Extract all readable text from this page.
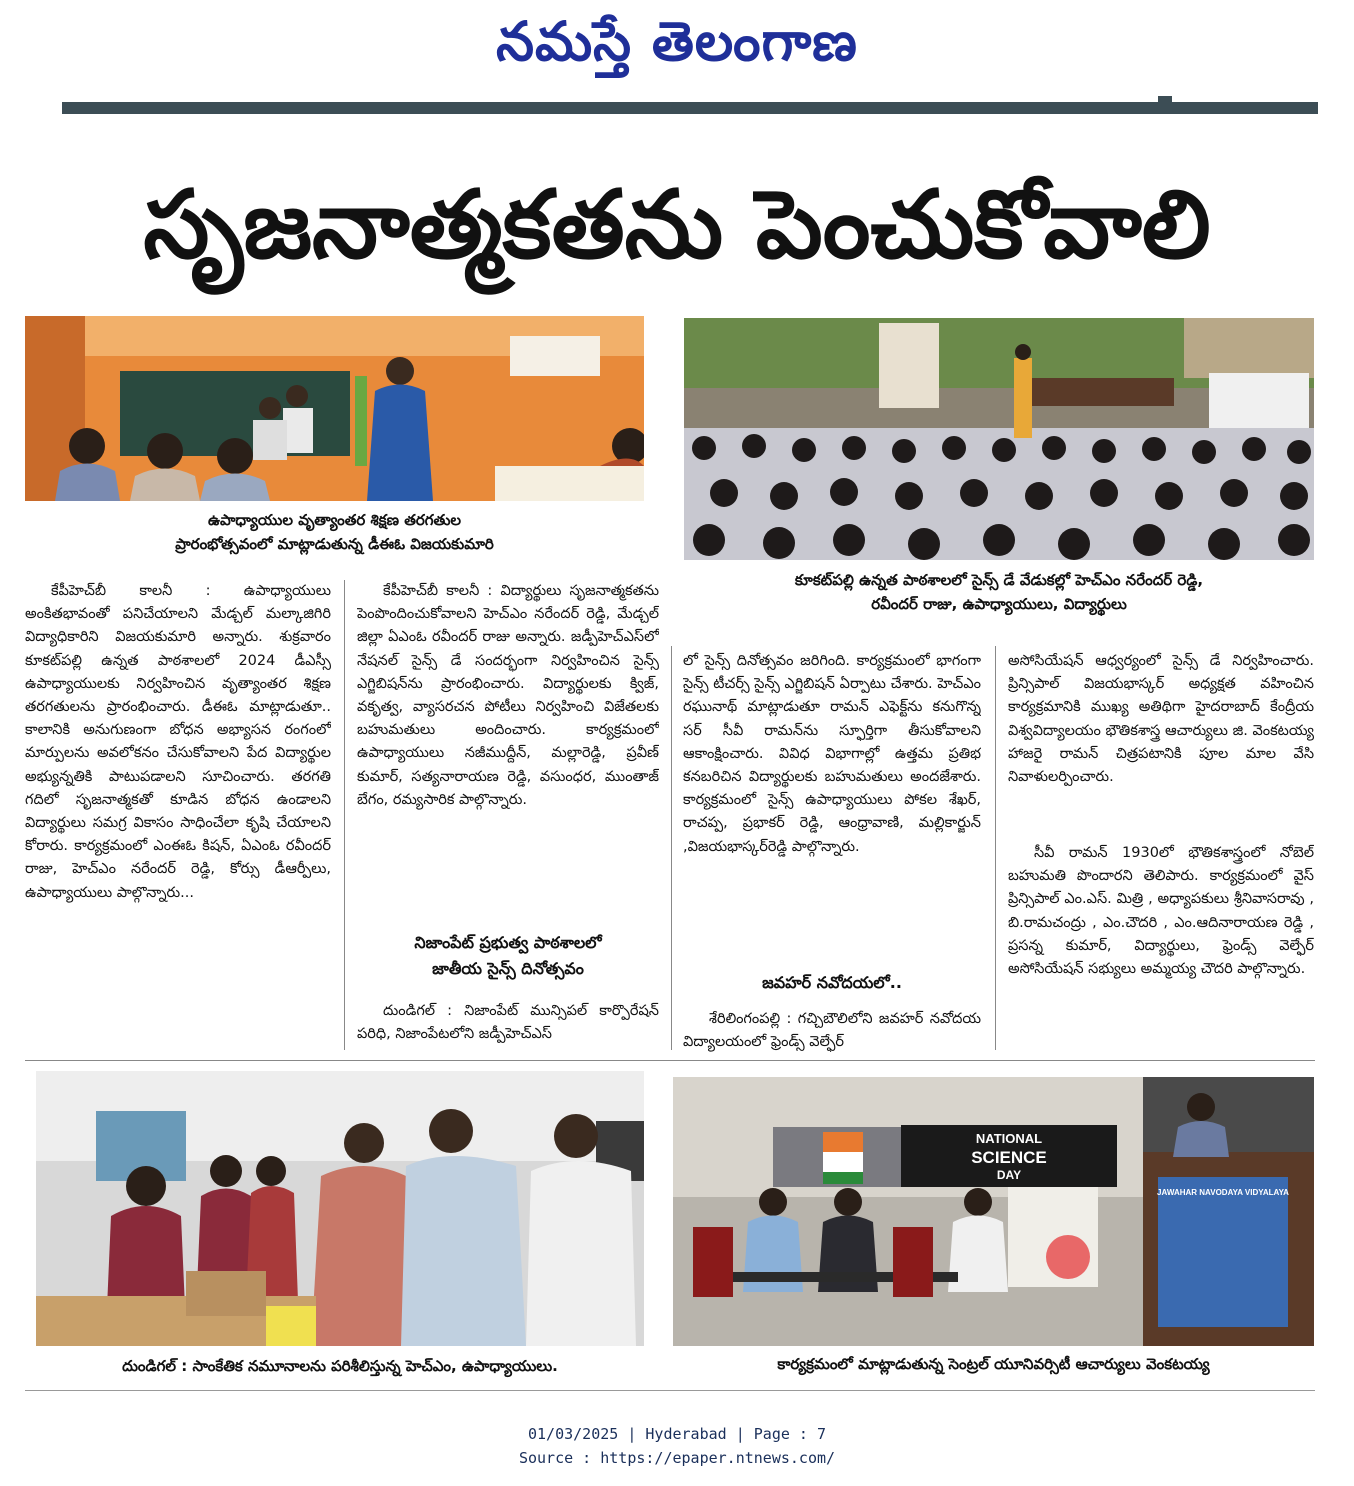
నమస్తే తెలంగాణ
సృజనాత్మకతను పెంచుకోవాలి
ఉపాధ్యాయుల వృత్యాంతర శిక్షణ తరగతుల
ప్రారంభోత్సవంలో మాట్లాడుతున్న డీఈఓ విజయకుమారి
కూకట్‌పల్లి ఉన్నత పాఠశాలలో సైన్స్ డే వేడుకల్లో హెచ్‌ఎం నరేందర్ రెడ్డి,
రవీందర్ రాజు, ఉపాధ్యాయులు, విద్యార్థులు

కేపీహెచ్‌బీ కాలనీ : ఉపాధ్యాయులు అంకితభావంతో పనిచేయాలని మేడ్చల్ మల్కాజిగిరి విద్యాధికారిని విజయకుమారి అన్నారు. శుక్రవారం కూకట్‌పల్లి ఉన్నత పాఠశాలలో 2024 డీఎస్సీ ఉపాధ్యాయులకు నిర్వహించిన వృత్యాంతర శిక్షణ తరగతులను ప్రారంభించారు. డీఈఓ మాట్లాడుతూ.. కాలానికి అనుగుణంగా బోధన అభ్యాసన రంగంలో మార్పులను అవలోకనం చేసుకోవాలని పేద విద్యార్థుల అభ్యున్నతికి పాటుపడాలని సూచించారు. తరగతి గదిలో సృజనాత్మకతో కూడిన బోధన ఉండాలని విద్యార్థులు సమగ్ర వికాసం సాధించేలా కృషి చేయాలని కోరారు. కార్యక్రమంలో ఎంఈఓ కిషన్, ఏఎంఓ రవీందర్ రాజు, హెచ్‌ఎం నరేందర్ రెడ్డి, కోర్సు డీఆర్పీలు, ఉపాధ్యాయులు పాల్గొన్నారు...

కేపీహెచ్‌బీ కాలనీ : విద్యార్థులు సృజనాత్మకతను పెంపొందించుకోవాలని హెచ్‌ఎం నరేందర్ రెడ్డి, మేడ్చల్ జిల్లా ఏఎంఓ రవీందర్ రాజు అన్నారు. జడ్పీహెచ్‌ఎస్‌లో నేషనల్ సైన్స్ డే సందర్భంగా నిర్వహించిన సైన్స్ ఎగ్జిబిషన్‌ను ప్రారంభించారు. విద్యార్థులకు క్విజ్, వకృత్వ, వ్యాసరచన పోటీలు నిర్వహించి విజేతలకు బహుమతులు అందించారు. కార్యక్రమంలో ఉపాధ్యాయులు నజీముద్దీన్, మల్లారెడ్డి, ప్రవీణ్ కుమార్, సత్యనారాయణ రెడ్డి, వసుంధర, ముంతాజ్ బేగం, రమ్యసారిక పాల్గొన్నారు.

నిజాంపేట్ ప్రభుత్వ పాఠశాలలో
జాతీయ సైన్స్ దినోత్సవం

దుండిగల్ : నిజాంపేట్ మున్సిపల్ కార్పొరేషన్ పరిధి, నిజాంపేటలోని జడ్పీహెచ్‌ఎస్

లో సైన్స్ దినోత్సవం జరిగింది. కార్యక్రమంలో భాగంగా సైన్స్ టీచర్స్ సైన్స్ ఎగ్జిబిషన్ ఏర్పాటు చేశారు. హెచ్‌ఎం రఘునాథ్ మాట్లాడుతూ రామన్ ఎఫెక్ట్‌ను కనుగొన్న సర్ సీవీ రామన్‌ను స్ఫూర్తిగా తీసుకోవాలని ఆకాంక్షించారు. వివిధ విభాగాల్లో ఉత్తమ ప్రతిభ కనబరిచిన విద్యార్థులకు బహుమతులు అందజేశారు. కార్యక్రమంలో సైన్స్ ఉపాధ్యాయులు పోకల శేఖర్, రాచప్ప, ప్రభాకర్ రెడ్డి, ఆంధ్రావాణి, మల్లికార్జున్ ,విజయభాస్కర్‌రెడ్డి పాల్గొన్నారు.

జవహర్ నవోదయలో..

శేరిలింగంపల్లి : గచ్చిబౌలిలోని జవహర్ నవోదయ విద్యాలయంలో ఫ్రెండ్స్ వెల్ఫేర్

అసోసియేషన్ ఆధ్వర్యంలో సైన్స్ డే నిర్వహించారు. ప్రిన్సిపాల్ విజయభాస్కర్ అధ్యక్షత వహించిన కార్యక్రమానికి ముఖ్య అతిథిగా హైదరాబాద్ కేంద్రీయ విశ్వవిద్యాలయం భౌతికశాస్త్ర ఆచార్యులు జి. వెంకటయ్య హాజరై రామన్ చిత్రపటానికి పూల మాల వేసి నివాళులర్పించారు.

సీవీ రామన్ 1930లో భౌతికశాస్త్రంలో నోబెల్ బహుమతి పొందారని తెలిపారు. కార్యక్రమంలో వైస్ ప్రిన్సిపాల్ ఎం.ఎస్. మిత్రి , అధ్యాపకులు శ్రీనివాసరావు , బి.రామచంద్రు , ఎం.చౌదరి , ఎం.ఆదినారాయణ రెడ్డి , ప్రసన్న కుమార్, విద్యార్థులు, ఫ్రెండ్స్ వెల్ఫేర్ అసోసియేషన్ సభ్యులు అమ్మయ్య చౌదరి పాల్గొన్నారు.

దుండిగల్ : సాంకేతిక నమూనాలను పరిశీలిస్తున్న హెచ్‌ఎం, ఉపాధ్యాయులు.
NATIONAL
SCIENCE
DAY
JAWAHAR NAVODAYA VIDYALAYA
కార్యక్రమంలో మాట్లాడుతున్న సెంట్రల్ యూనివర్సిటీ ఆచార్యులు వెంకటయ్య
01/03/2025 | Hyderabad | Page : 7
Source : https://epaper.ntnews.com/
